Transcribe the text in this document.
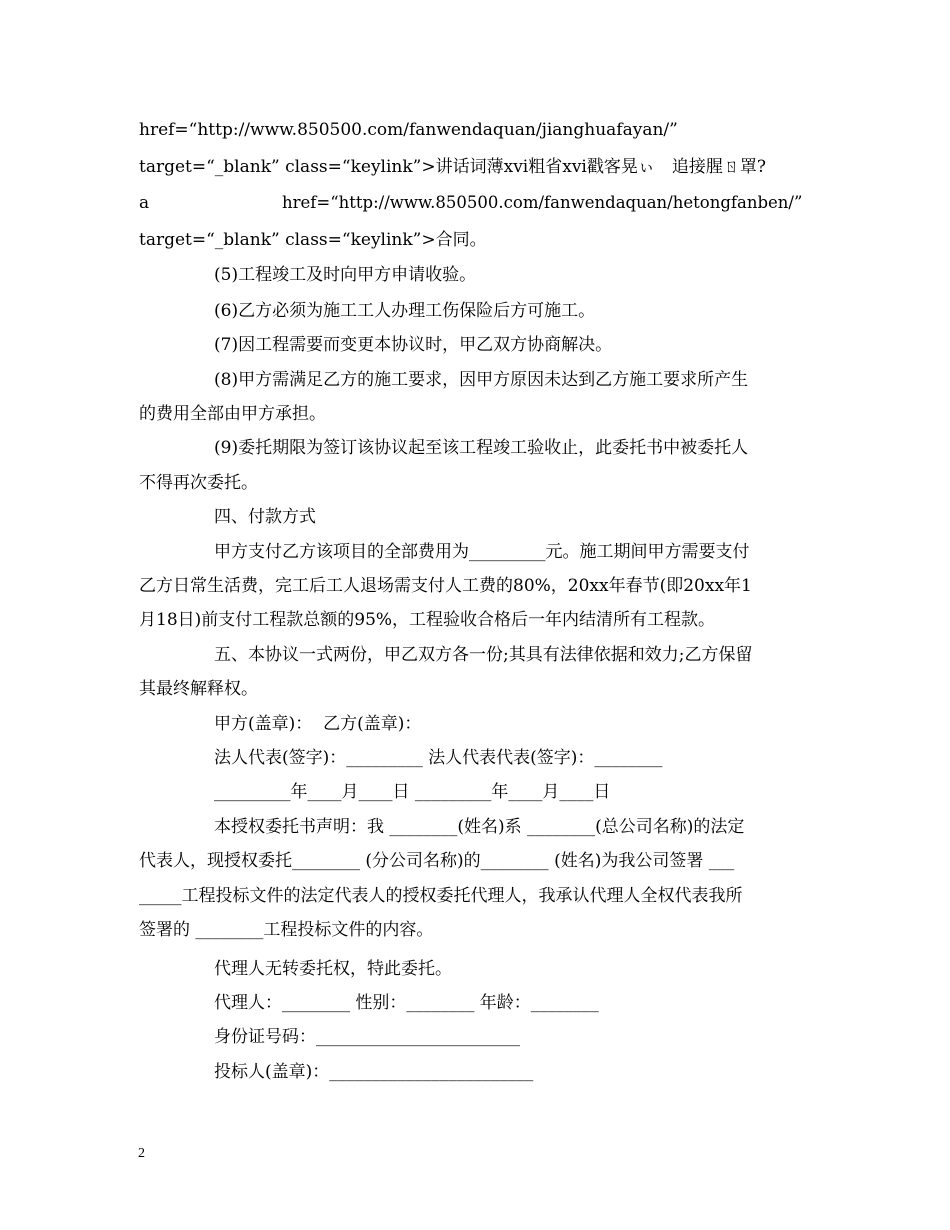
href=“http://www.850500.com/fanwendaquan/jianghuafayan/”

target=“_blank” class=“keylink”>讲话词薄xvi粗省xvi戳客晃ぃ　追接腥ㄖ罩?

a	href=“http://www.850500.com/fanwendaquan/hetongfanben/”

target=“_blank” class=“keylink”>合同。

(5)工程竣工及时向甲方申请收验。

(6)乙方必须为施工工人办理工伤保险后方可施工。

(7)因工程需要而变更本协议时，甲乙双方协商解决。

(8)甲方需满足乙方的施工要求，因甲方原因未达到乙方施工要求所产生

的费用全部由甲方承担。

(9)委托期限为签订该协议起至该工程竣工验收止，此委托书中被委托人

不得再次委托。

四、付款方式

甲方支付乙方该项目的全部费用为_________元。施工期间甲方需要支付

乙方日常生活费，完工后工人退场需支付人工费的80%，20xx年春节(即20xx年1

月18日)前支付工程款总额的95%，工程验收合格后一年内结清所有工程款。

五、本协议一式两份，甲乙双方各一份;其具有法律依据和效力;乙方保留

其最终解释权。

甲方(盖章)：  乙方(盖章)：

法人代表(签字)：_________ 法人代表代表(签字)：________

_________年____月____日 _________年____月____日

本授权委托书声明：我 ________(姓名)系 ________(总公司名称)的法定

代表人，现授权委托________ (分公司名称)的________ (姓名)为我公司签署 ___

_____工程投标文件的法定代表人的授权委托代理人，我承认代理人全权代表我所

签署的 ________工程投标文件的内容。

代理人无转委托权，特此委托。

代理人：________ 性别：________ 年龄：________

身份证号码：________________________

投标人(盖章)：________________________

2
